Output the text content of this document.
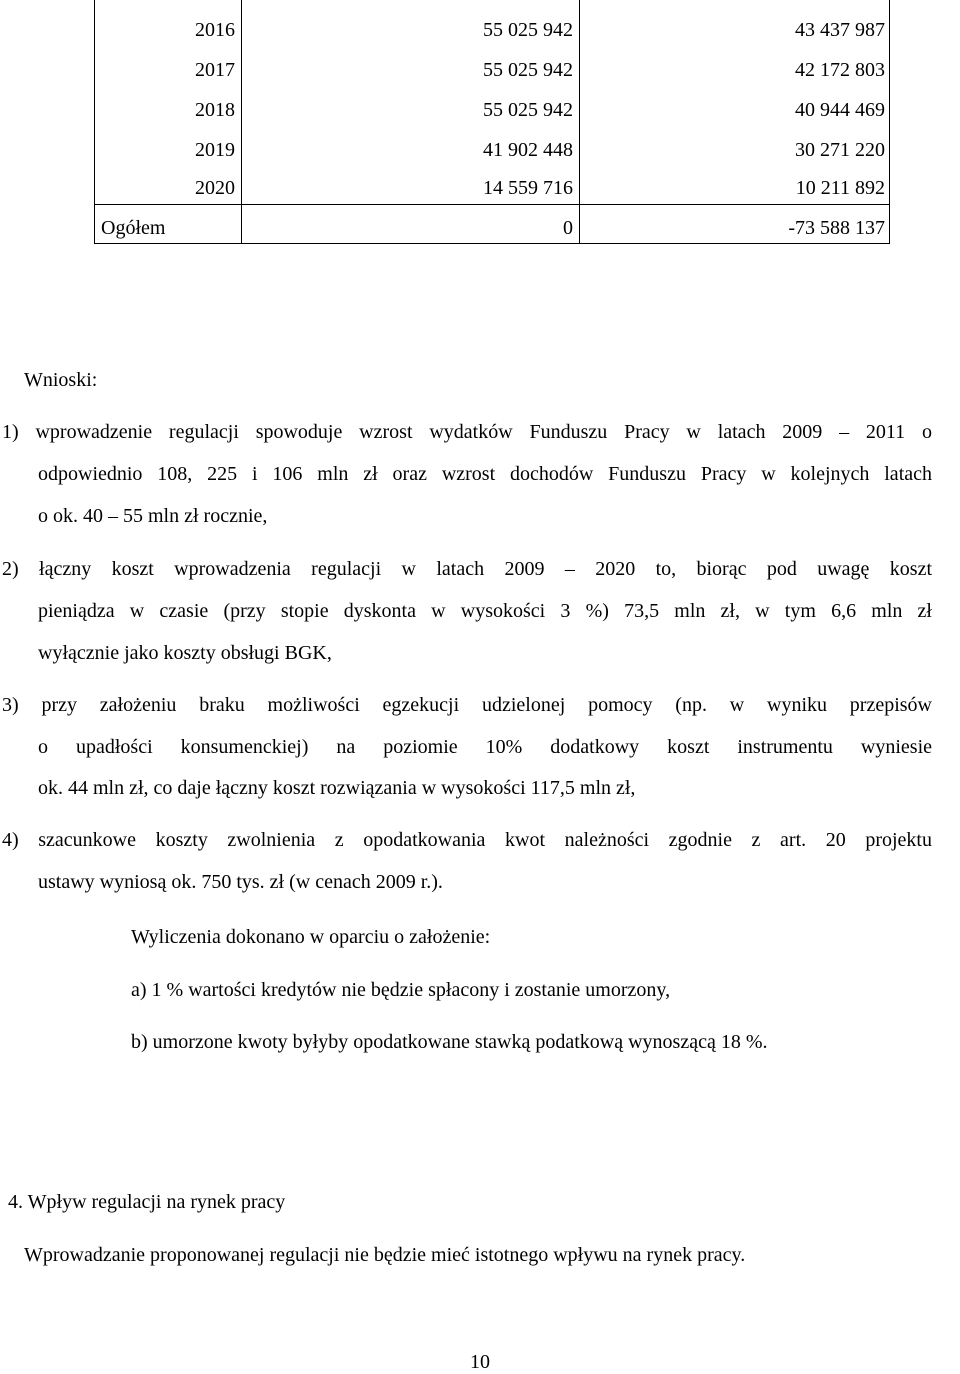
2016	55 025 942	43 437 987
2017	55 025 942	42 172 803
2018	55 025 942	40 944 469
2019	41 902 448	30 271 220
2020	14 559 716	10 211 892
Ogółem	0	-73 588 137
Wnioski:
1) wprowadzenie regulacji spowoduje wzrost wydatków Funduszu Pracy w latach 2009 – 2011 o
odpowiednio 108, 225 i 106 mln zł oraz wzrost dochodów Funduszu Pracy w kolejnych latach
o ok. 40 – 55 mln zł rocznie,
2) łączny koszt wprowadzenia regulacji w latach 2009 – 2020 to, biorąc pod uwagę koszt
pieniądza w czasie (przy stopie dyskonta w wysokości 3 %) 73,5 mln zł, w tym 6,6 mln zł
wyłącznie jako koszty obsługi BGK,
3) przy założeniu braku możliwości egzekucji udzielonej pomocy (np. w wyniku przepisów
o upadłości konsumenckiej) na poziomie 10% dodatkowy koszt instrumentu wyniesie
ok. 44 mln zł, co daje łączny koszt rozwiązania w wysokości 117,5 mln zł,
4) szacunkowe koszty zwolnienia z opodatkowania kwot należności zgodnie z art. 20 projektu
ustawy wyniosą ok. 750 tys. zł (w cenach 2009 r.).
Wyliczenia dokonano w oparciu o założenie:
a) 1 % wartości kredytów nie będzie spłacony i zostanie umorzony,
b) umorzone kwoty byłyby opodatkowane stawką podatkową wynoszącą 18 %.
4. Wpływ regulacji na rynek pracy
Wprowadzanie proponowanej regulacji nie będzie mieć istotnego wpływu na rynek pracy.
10
